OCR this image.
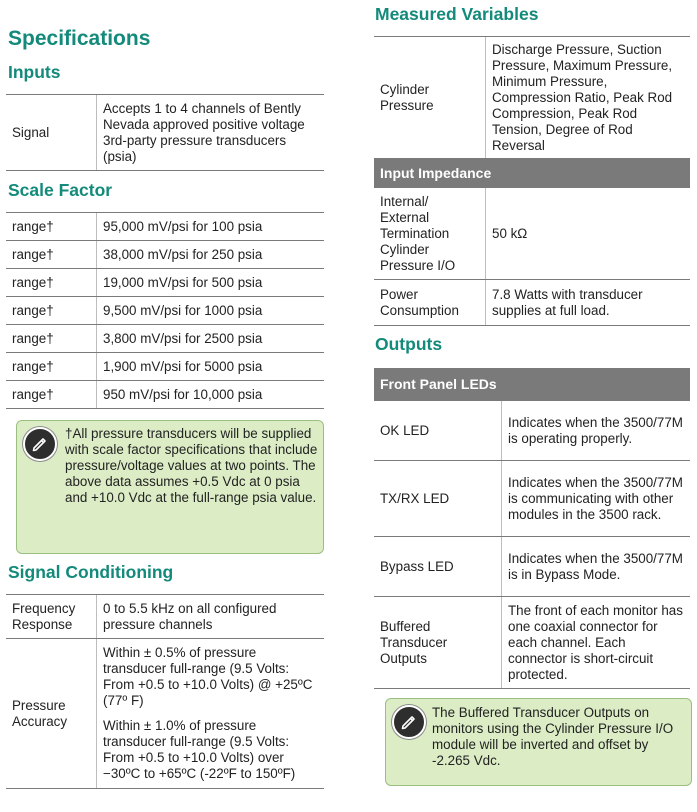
Specifications
Inputs
Signal	Accepts 1 to 4 channels of Bently Nevada approved positive voltage 3rd-party pressure transducers (psia)
Scale Factor
range†	95,000 mV/psi for 100 psia
range†	38,000 mV/psi for 250 psia
range†	19,000 mV/psi for 500 psia
range†	9,500 mV/psi for 1000 psia
range†	3,800 mV/psi for 2500 psia
range†	1,900 mV/psi for 5000 psia
range†	950 mV/psi for 10,000 psia
†All pressure transducers will be supplied with scale factor specifications that include pressure/voltage values at two points. The above data assumes +0.5 Vdc at 0 psia and +10.0 Vdc at the full-range psia value.
Signal Conditioning
Frequency Response	0 to 5.5 kHz on all configured pressure channels
Pressure Accuracy	Within ± 0.5% of pressure transducer full-range (9.5 Volts: From +0.5 to +10.0 Volts) @ +25ºC (77º F)
Within ± 1.0% of pressure transducer full-range (9.5 Volts: From +0.5 to +10.0 Volts) over −30ºC to +65ºC (-22ºF to 150ºF)
Measured Variables
Cylinder Pressure	Discharge Pressure, Suction Pressure, Maximum Pressure, Minimum Pressure, Compression Ratio, Peak Rod Compression, Peak Rod Tension, Degree of Rod Reversal
Input Impedance	
Internal/ External Termination Cylinder Pressure I/O	50 kΩ
Power Consumption	7.8 Watts with transducer supplies at full load.
Outputs
Front Panel LEDs	
OK LED	Indicates when the 3500/77M is operating properly.
TX/RX LED	Indicates when the 3500/77M is communicating with other modules in the 3500 rack.
Bypass LED	Indicates when the 3500/77M is in Bypass Mode.
Buffered Transducer Outputs	The front of each monitor has one coaxial connector for each channel. Each connector is short-circuit protected.
The Buffered Transducer Outputs on monitors using the Cylinder Pressure I/O module will be inverted and offset by -2.265 Vdc.
